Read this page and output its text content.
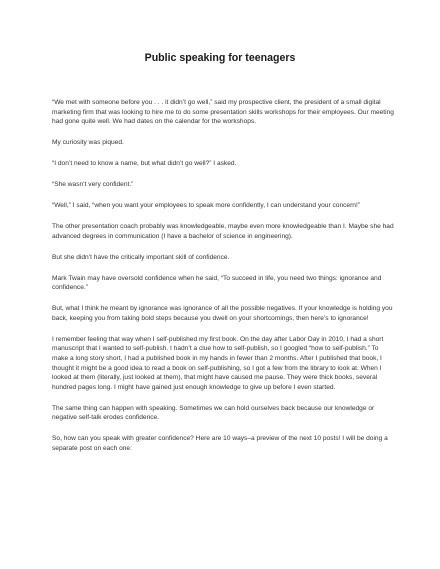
Public speaking for teenagers

“We met with someone before you . . . it didn’t go well,” said my prospective client, the president of a small digital marketing firm that was looking to hire me to do some presentation skills workshops for their employees. Our meeting had gone quite well. We had dates on the calendar for the workshops.

My curiosity was piqued.

“I don’t need to know a name, but what didn’t go well?” I asked.

“She wasn’t very confident.”

“Well,” I said, “when you want your employees to speak more confidently, I can understand your concern!”

The other presentation coach probably was knowledgeable, maybe even more knowledgeable than I. Maybe she had advanced degrees in communication (I have a bachelor of science in engineering).

But she didn’t have the critically important skill of confidence.

Mark Twain may have oversold confidence when he said, “To succeed in life, you need two things: ignorance and confidence.”

But, what I think he meant by ignorance was ignorance of all the possible negatives. If your knowledge is holding you back, keeping you from taking bold steps because you dwell on your shortcomings, then here’s to ignorance!

I remember feeling that way when I self-published my first book. On the day after Labor Day in 2010, I had a short manuscript that I wanted to self-publish. I hadn’t a clue how to self-publish, so I googled “how to self-publish.” To make a long story short, I had a published book in my hands in fewer than 2 months. After I published that book, I thought it might be a good idea to read a book on self-publishing, so I got a few from the library to look at. When I looked at them (literally, just looked at them), that might have caused me pause. They were thick books, several hundred pages long. I might have gained just enough knowledge to give up before I even started.

The same thing can happen with speaking. Sometimes we can hold ourselves back because our knowledge or negative self-talk erodes confidence.

So, how can you speak with greater confidence? Here are 10 ways–a preview of the next 10 posts! I will be doing a separate post on each one:
